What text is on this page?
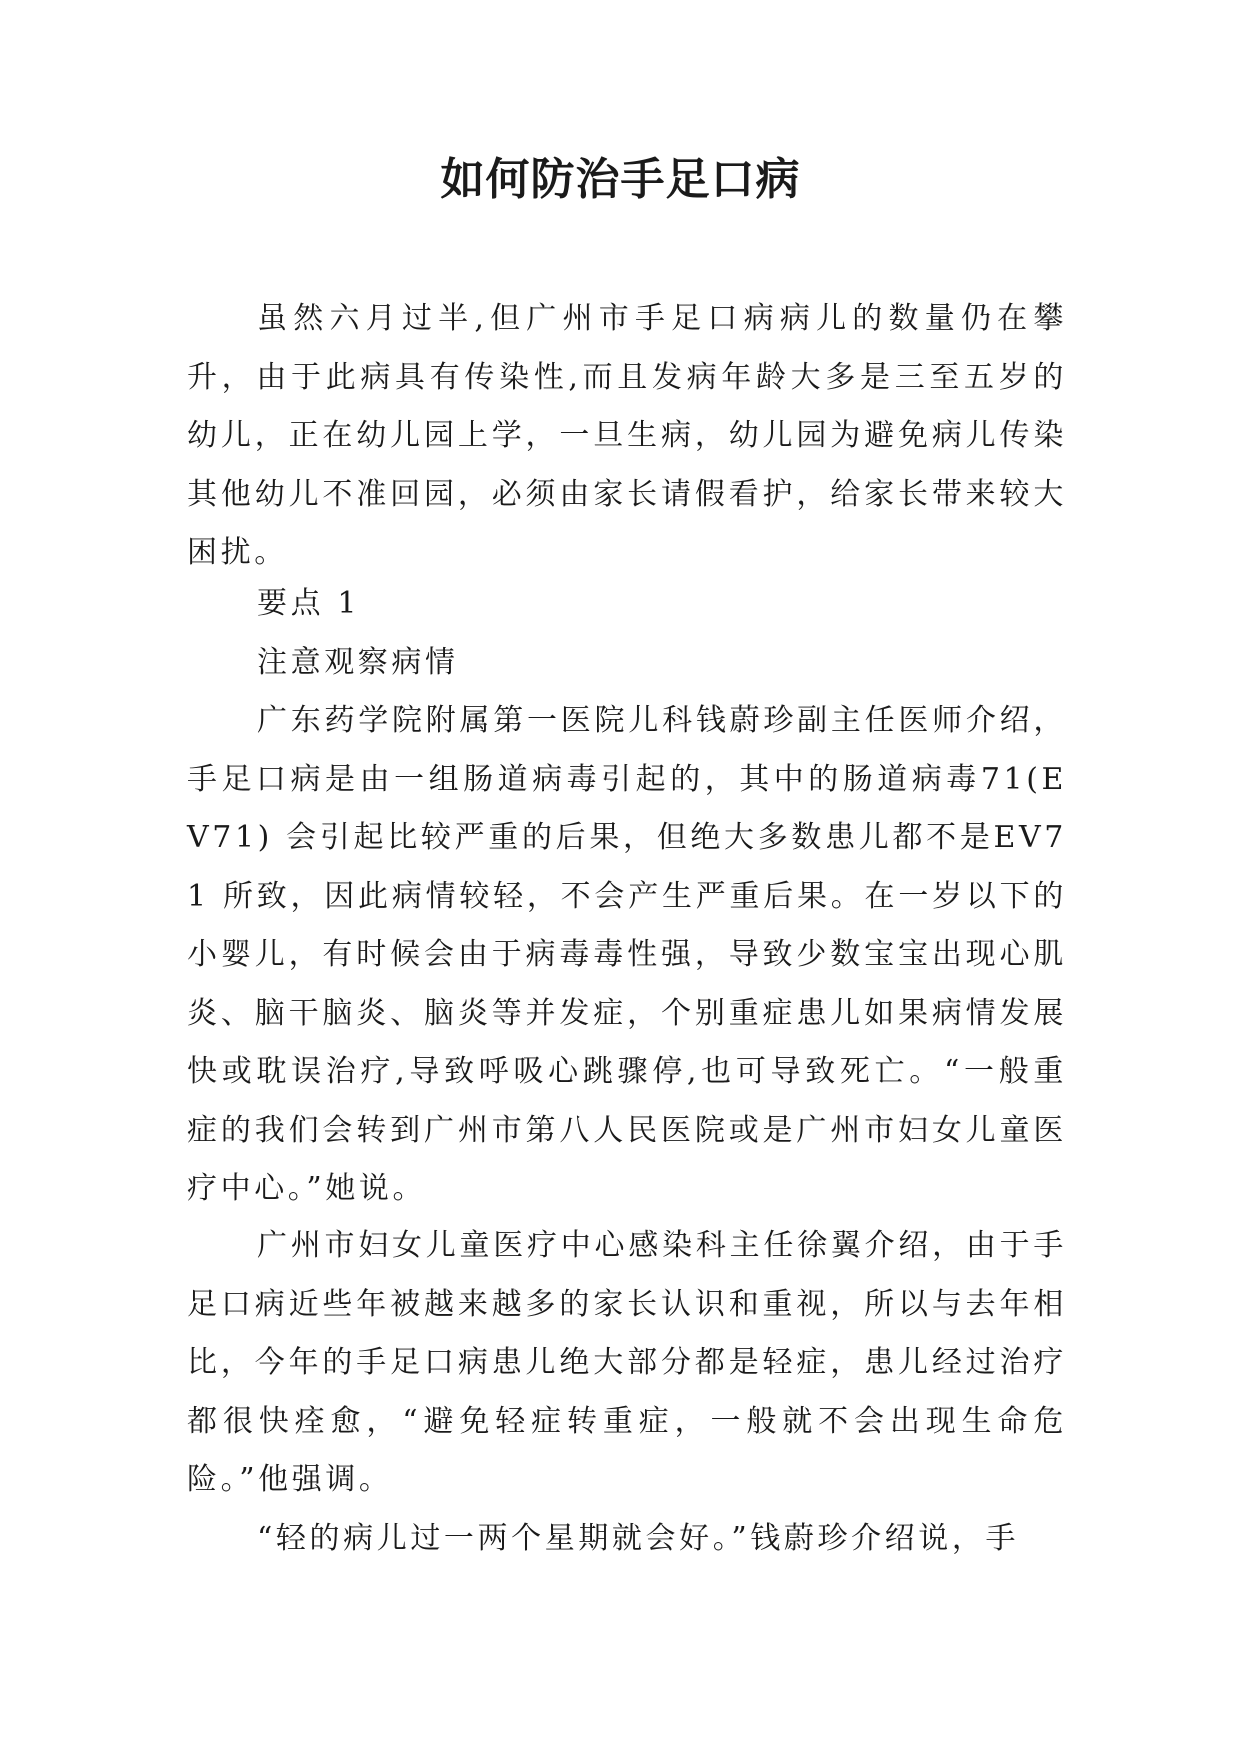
如何防治手足口病

虽然六月过半,但广州市手足口病病儿的数量仍在攀升，由于此病具有传染性,而且发病年龄大多是三至五岁的幼儿，正在幼儿园上学，一旦生病，幼儿园为避免病儿传染其他幼儿不准回园，必须由家长请假看护，给家长带来较大困扰。

要点 1

注意观察病情

广东药学院附属第一医院儿科钱蔚珍副主任医师介绍，手足口病是由一组肠道病毒引起的，其中的肠道病毒71(EV71) 会引起比较严重的后果，但绝大多数患儿都不是EV71 所致，因此病情较轻，不会产生严重后果。在一岁以下的小婴儿，有时候会由于病毒毒性强，导致少数宝宝出现心肌炎、脑干脑炎、脑炎等并发症，个别重症患儿如果病情发展快或耽误治疗,导致呼吸心跳骤停,也可导致死亡。“一般重症的我们会转到广州市第八人民医院或是广州市妇女儿童医疗中心。”她说。

广州市妇女儿童医疗中心感染科主任徐翼介绍，由于手足口病近些年被越来越多的家长认识和重视，所以与去年相比，今年的手足口病患儿绝大部分都是轻症，患儿经过治疗都很快痊愈，“避免轻症转重症，一般就不会出现生命危险。”他强调。

“轻的病儿过一两个星期就会好。”钱蔚珍介绍说，手
